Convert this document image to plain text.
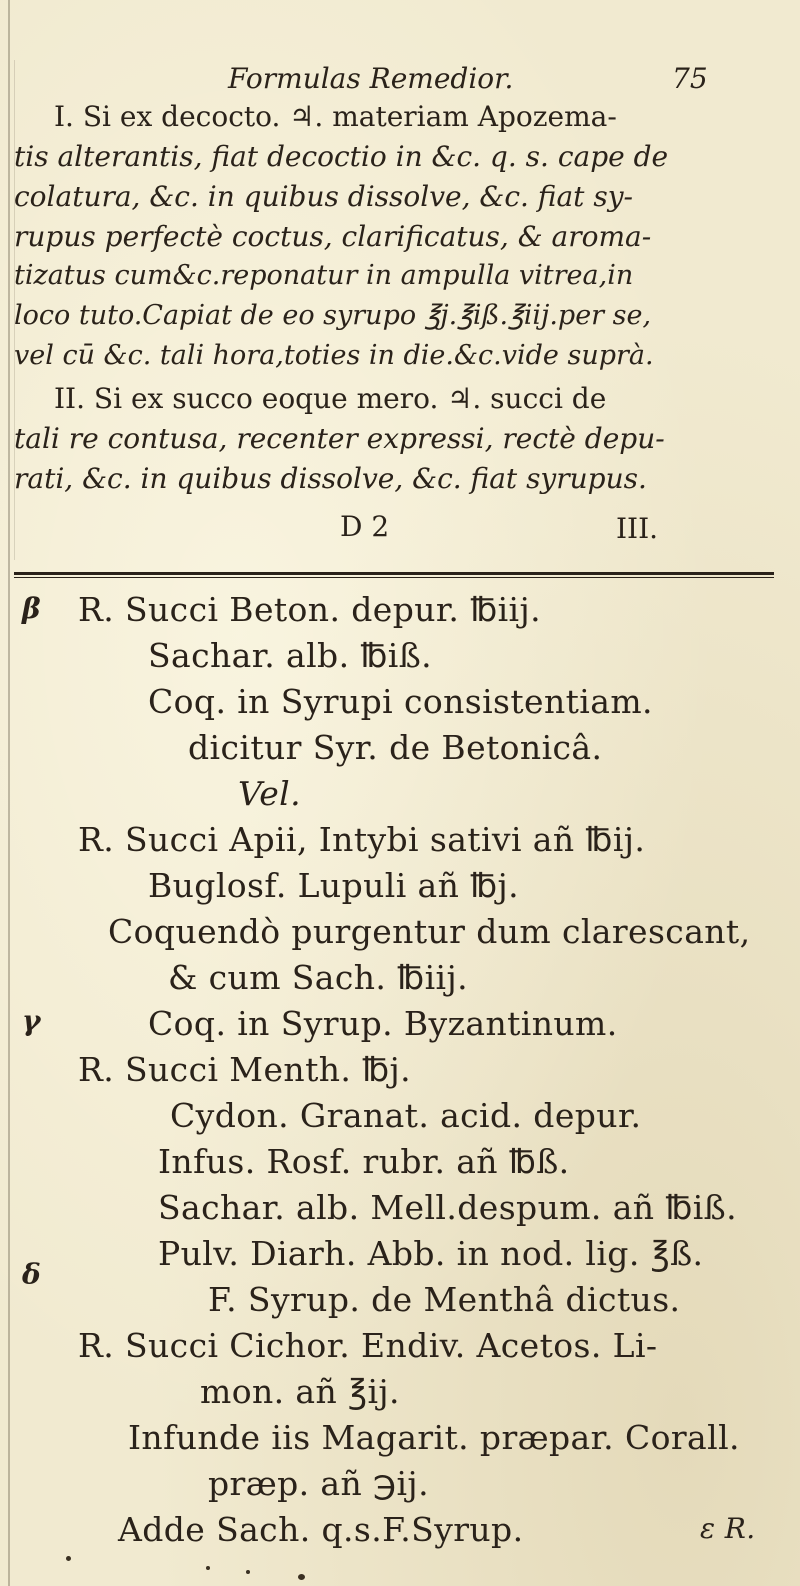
Formulas Remedior.	75
I. Si ex decocto. ♃. materiam Apozema-
tis alterantis, fiat decoctio in &c. q. s. cape de
colatura, &c. in quibus dissolve, &c. fiat sy-
rupus perfectè coctus, clarificatus, & aroma-
tizatus cum&c.reponatur in ampulla vitrea,in
loco tuto.Capiat de eo syrupo ℥j.℥iß.℥iij.per se,
vel cū &c. tali hora,toties in die.&c.vide suprà.
II. Si ex succo eoque mero. ♃. succi de
tali re contusa, recenter expressi, rectè depu-
rati, &c. in quibus dissolve, &c. fiat syrupus.
D 2	III.
β
γ
δ
R. Succi Beton. depur. ℔iij.
Sachar. alb. ℔iß.
Coq. in Syrupi consistentiam.
dicitur Syr. de Betonicâ.
Vel.
R. Succi Apii, Intybi sativi añ ℔ij.
Buglosf. Lupuli añ ℔j.
Coquendò purgentur dum clarescant,
& cum Sach. ℔iij.
Coq. in Syrup. Byzantinum.
R. Succi Menth. ℔j.
Cydon. Granat. acid. depur.
Infus. Rosf. rubr. añ ℔ß.
Sachar. alb. Mell.despum. añ ℔iß.
Pulv. Diarh. Abb. in nod. lig. ℥ß.
F. Syrup. de Menthâ dictus.
R. Succi Cichor. Endiv. Acetos. Li-
mon. añ ℥ij.
Infunde iis Magarit. præpar. Corall.
præp. añ ℈ij.
Adde Sach. q.s.F.Syrup.	ε R.
